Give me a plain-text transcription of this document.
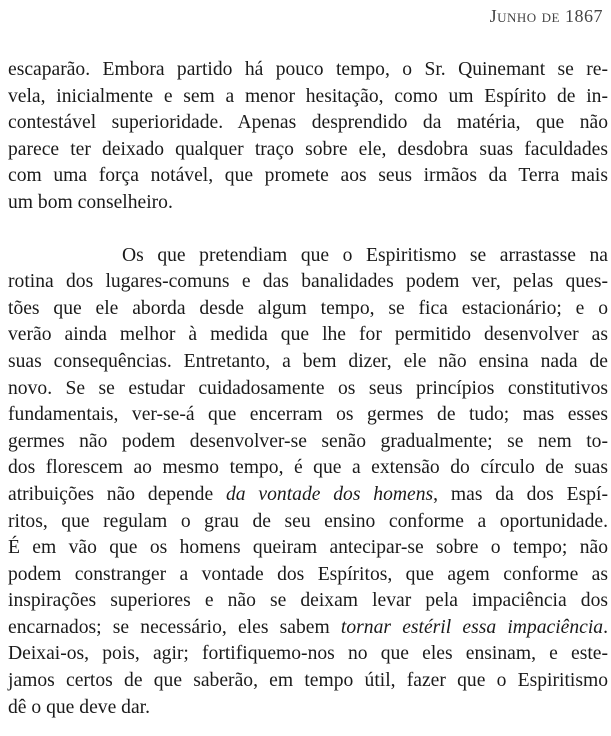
Junho de 1867
escaparão. Embora partido há pouco tempo, o Sr. Quinemant se re-
vela, inicialmente e sem a menor hesitação, como um Espírito de in-
contestável superioridade. Apenas desprendido da matéria, que não
parece ter deixado qualquer traço sobre ele, desdobra suas faculdades
com uma força notável, que promete aos seus irmãos da Terra mais
um bom conselheiro.
Os que pretendiam que o Espiritismo se arrastasse na
rotina dos lugares-comuns e das banalidades podem ver, pelas ques-
tões que ele aborda desde algum tempo, se fica estacionário; e o
verão ainda melhor à medida que lhe for permitido desenvolver as
suas consequências. Entretanto, a bem dizer, ele não ensina nada de
novo. Se se estudar cuidadosamente os seus princípios constitutivos
fundamentais, ver-se-á que encerram os germes de tudo; mas esses
germes não podem desenvolver-se senão gradualmente; se nem to-
dos florescem ao mesmo tempo, é que a extensão do círculo de suas
atribuições não depende da vontade dos homens, mas da dos Espí-
ritos, que regulam o grau de seu ensino conforme a oportunidade.
É em vão que os homens queiram antecipar-se sobre o tempo; não
podem constranger a vontade dos Espíritos, que agem conforme as
inspirações superiores e não se deixam levar pela impaciência dos
encarnados; se necessário, eles sabem tornar estéril essa impaciência.
Deixai-os, pois, agir; fortifiquemo-nos no que eles ensinam, e este-
jamos certos de que saberão, em tempo útil, fazer que o Espiritismo
dê o que deve dar.
